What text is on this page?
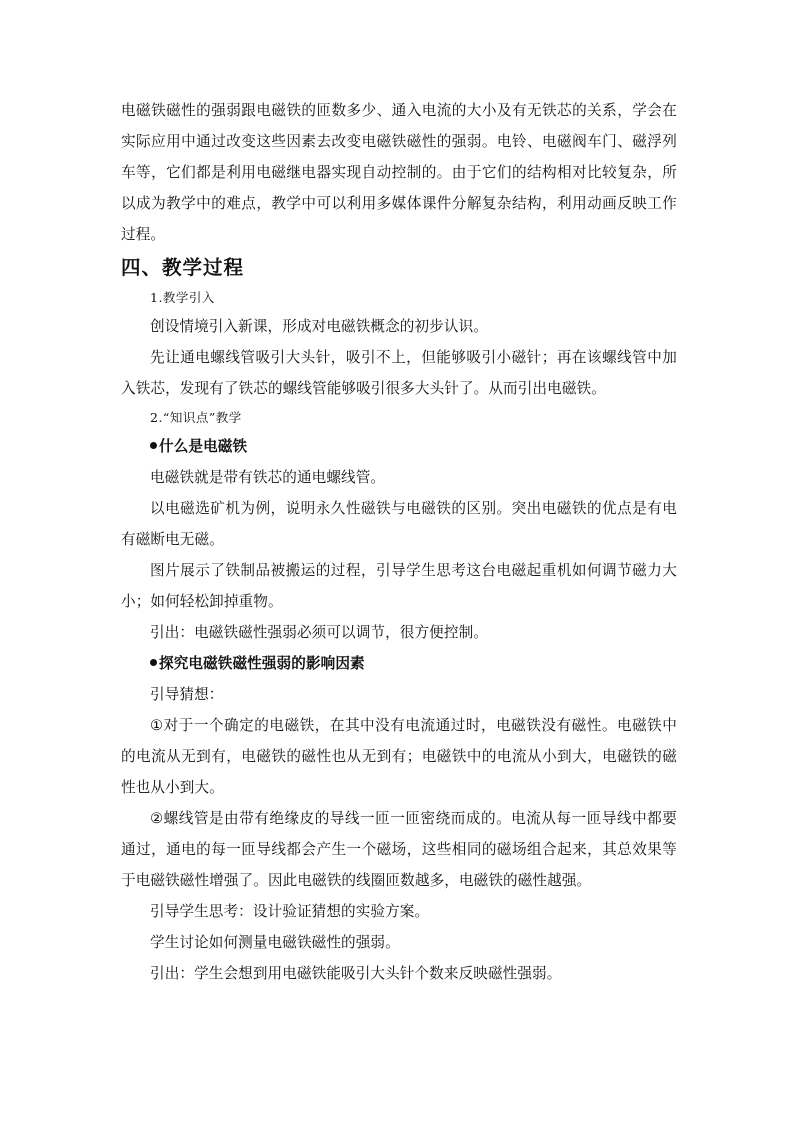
电磁铁磁性的强弱跟电磁铁的匝数多少、通入电流的大小及有无铁芯的关系，学会在实际应用中通过改变这些因素去改变电磁铁磁性的强弱。电铃、电磁阀车门、磁浮列车等，它们都是利用电磁继电器实现自动控制的。由于它们的结构相对比较复杂，所以成为教学中的难点，教学中可以利用多媒体课件分解复杂结构，利用动画反映工作过程。

四、教学过程

1.教学引入

创设情境引入新课，形成对电磁铁概念的初步认识。

先让通电螺线管吸引大头针，吸引不上，但能够吸引小磁针；再在该螺线管中加入铁芯，发现有了铁芯的螺线管能够吸引很多大头针了。从而引出电磁铁。

2.“知识点”教学

什么是电磁铁

电磁铁就是带有铁芯的通电螺线管。

以电磁选矿机为例，说明永久性磁铁与电磁铁的区别。突出电磁铁的优点是有电有磁断电无磁。

图片展示了铁制品被搬运的过程，引导学生思考这台电磁起重机如何调节磁力大小；如何轻松卸掉重物。

引出：电磁铁磁性强弱必须可以调节，很方便控制。

探究电磁铁磁性强弱的影响因素

引导猜想：

①对于一个确定的电磁铁，在其中没有电流通过时，电磁铁没有磁性。电磁铁中的电流从无到有，电磁铁的磁性也从无到有；电磁铁中的电流从小到大，电磁铁的磁性也从小到大。

②螺线管是由带有绝缘皮的导线一匝一匝密绕而成的。电流从每一匝导线中都要通过，通电的每一匝导线都会产生一个磁场，这些相同的磁场组合起来，其总效果等于电磁铁磁性增强了。因此电磁铁的线圈匝数越多，电磁铁的磁性越强。

引导学生思考：设计验证猜想的实验方案。

学生讨论如何测量电磁铁磁性的强弱。

引出：学生会想到用电磁铁能吸引大头针个数来反映磁性强弱。
